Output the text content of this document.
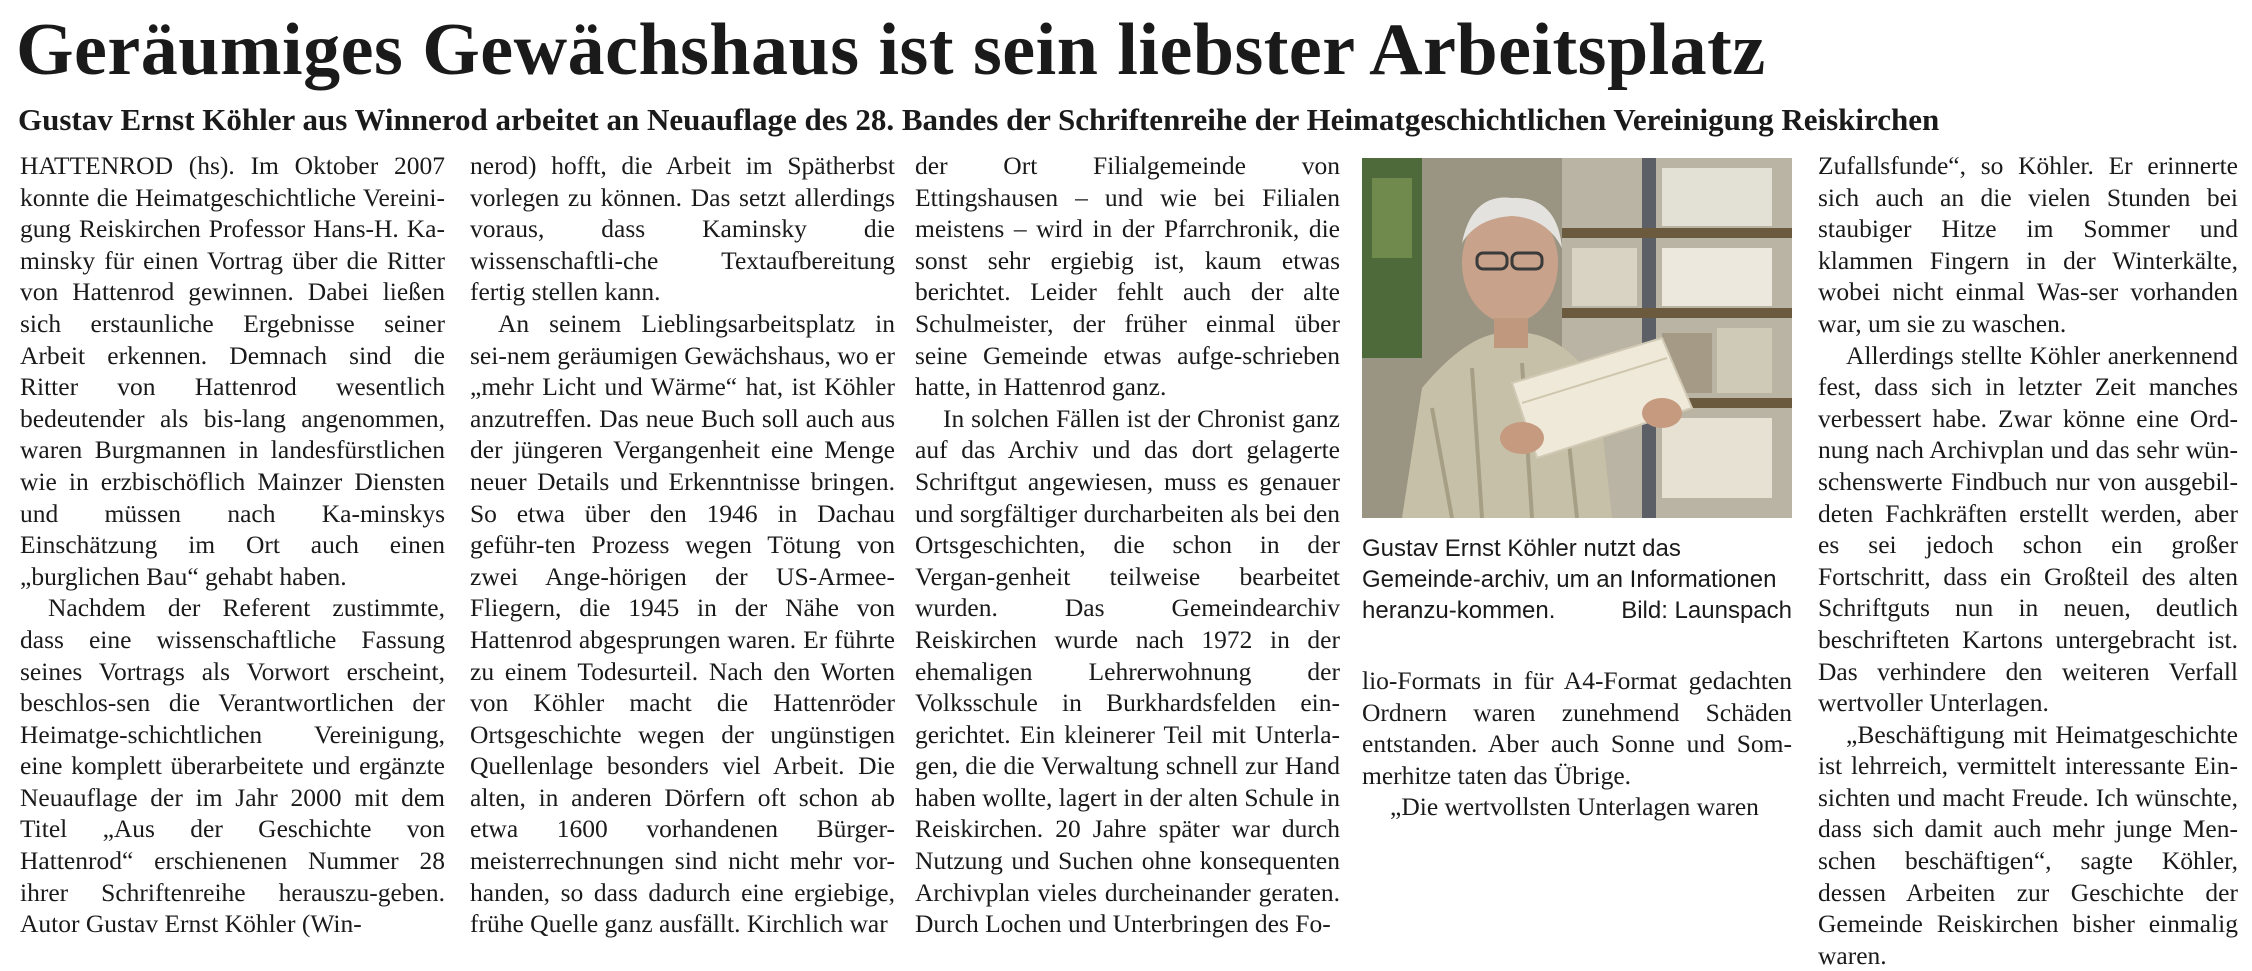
Geräumiges Gewächshaus ist sein liebster Arbeitsplatz
Gustav Ernst Köhler aus Winnerod arbeitet an Neuauflage des 28. Bandes der Schriftenreihe der Heimatgeschichtlichen Vereinigung Reiskirchen

HATTENROD (hs). Im Oktober 2007 konnte die Heimatgeschichtliche Vereini-gung Reiskirchen Professor Hans-H. Ka-minsky für einen Vortrag über die Ritter von Hattenrod gewinnen. Dabei ließen sich erstaunliche Ergebnisse seiner Arbeit erkennen. Demnach sind die Ritter von Hattenrod wesentlich bedeutender als bis-lang angenommen, waren Burgmannen in landesfürstlichen wie in erzbischöflich Mainzer Diensten und müssen nach Ka-minskys Einschätzung im Ort auch einen „burglichen Bau“ gehabt haben.

Nachdem der Referent zustimmte, dass eine wissenschaftliche Fassung seines Vortrags als Vorwort erscheint, beschlos-sen die Verantwortlichen der Heimatge-schichtlichen Vereinigung, eine komplett überarbeitete und ergänzte Neuauflage der im Jahr 2000 mit dem Titel „Aus der Geschichte von Hattenrod“ erschienenen Nummer 28 ihrer Schriftenreihe herauszu-geben. Autor Gustav Ernst Köhler (Win-

nerod) hofft, die Arbeit im Spätherbst vorlegen zu können. Das setzt allerdings voraus, dass Kaminsky die wissenschaftli-che Textaufbereitung fertig stellen kann.

An seinem Lieblingsarbeitsplatz in sei-nem geräumigen Gewächshaus, wo er „mehr Licht und Wärme“ hat, ist Köhler anzutreffen. Das neue Buch soll auch aus der jüngeren Vergangenheit eine Menge neuer Details und Erkenntnisse bringen. So etwa über den 1946 in Dachau geführ-ten Prozess wegen Tötung von zwei Ange-hörigen der US-Armee-Fliegern, die 1945 in der Nähe von Hattenrod abgesprungen waren. Er führte zu einem Todesurteil. Nach den Worten von Köhler macht die Hattenröder Ortsgeschichte wegen der ungünstigen Quellenlage besonders viel Arbeit. Die alten, in anderen Dörfern oft schon ab etwa 1600 vorhandenen Bürger-meisterrechnungen sind nicht mehr vor-handen, so dass dadurch eine ergiebige, frühe Quelle ganz ausfällt. Kirchlich war

der Ort Filialgemeinde von Ettingshausen – und wie bei Filialen meistens – wird in der Pfarrchronik, die sonst sehr ergiebig ist, kaum etwas berichtet. Leider fehlt auch der alte Schulmeister, der früher einmal über seine Gemeinde etwas aufge-schrieben hatte, in Hattenrod ganz.

In solchen Fällen ist der Chronist ganz auf das Archiv und das dort gelagerte Schriftgut angewiesen, muss es genauer und sorgfältiger durcharbeiten als bei den Ortsgeschichten, die schon in der Vergan-genheit teilweise bearbeitet wurden. Das Gemeindearchiv Reiskirchen wurde nach 1972 in der ehemaligen Lehrerwohnung der Volksschule in Burkhardsfelden ein-gerichtet. Ein kleinerer Teil mit Unterla-gen, die die Verwaltung schnell zur Hand haben wollte, lagert in der alten Schule in Reiskirchen. 20 Jahre später war durch Nutzung und Suchen ohne konsequenten Archivplan vieles durcheinander geraten. Durch Lochen und Unterbringen des Fo-

Gustav Ernst Köhler nutzt das Gemeinde-archiv, um an Informationen heranzu-kommen.	Bild: Launspach

lio-Formats in für A4-Format gedachten Ordnern waren zunehmend Schäden entstanden. Aber auch Sonne und Som-merhitze taten das Übrige.

„Die wertvollsten Unterlagen waren

Zufallsfunde“, so Köhler. Er erinnerte sich auch an die vielen Stunden bei staubiger Hitze im Sommer und klammen Fingern in der Winterkälte, wobei nicht einmal Was-ser vorhanden war, um sie zu waschen.

Allerdings stellte Köhler anerkennend fest, dass sich in letzter Zeit manches verbessert habe. Zwar könne eine Ord-nung nach Archivplan und das sehr wün-schenswerte Findbuch nur von ausgebil-deten Fachkräften erstellt werden, aber es sei jedoch schon ein großer Fortschritt, dass ein Großteil des alten Schriftguts nun in neuen, deutlich beschrifteten Kartons untergebracht ist. Das verhindere den weiteren Verfall wertvoller Unterlagen.

„Beschäftigung mit Heimatgeschichte ist lehrreich, vermittelt interessante Ein-sichten und macht Freude. Ich wünschte, dass sich damit auch mehr junge Men-schen beschäftigen“, sagte Köhler, dessen Arbeiten zur Geschichte der Gemeinde Reiskirchen bisher einmalig waren.
